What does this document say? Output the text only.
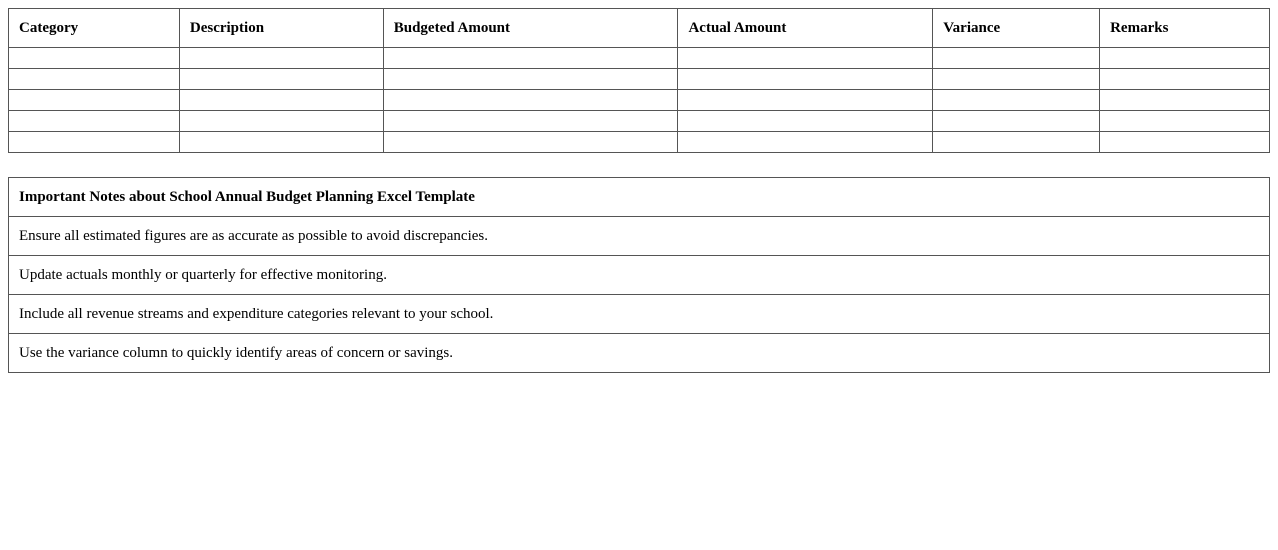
Category	Description	Budgeted Amount	Actual Amount	Variance	Remarks

Important Notes about School Annual Budget Planning Excel Template
Ensure all estimated figures are as accurate as possible to avoid discrepancies.
Update actuals monthly or quarterly for effective monitoring.
Include all revenue streams and expenditure categories relevant to your school.
Use the variance column to quickly identify areas of concern or savings.
